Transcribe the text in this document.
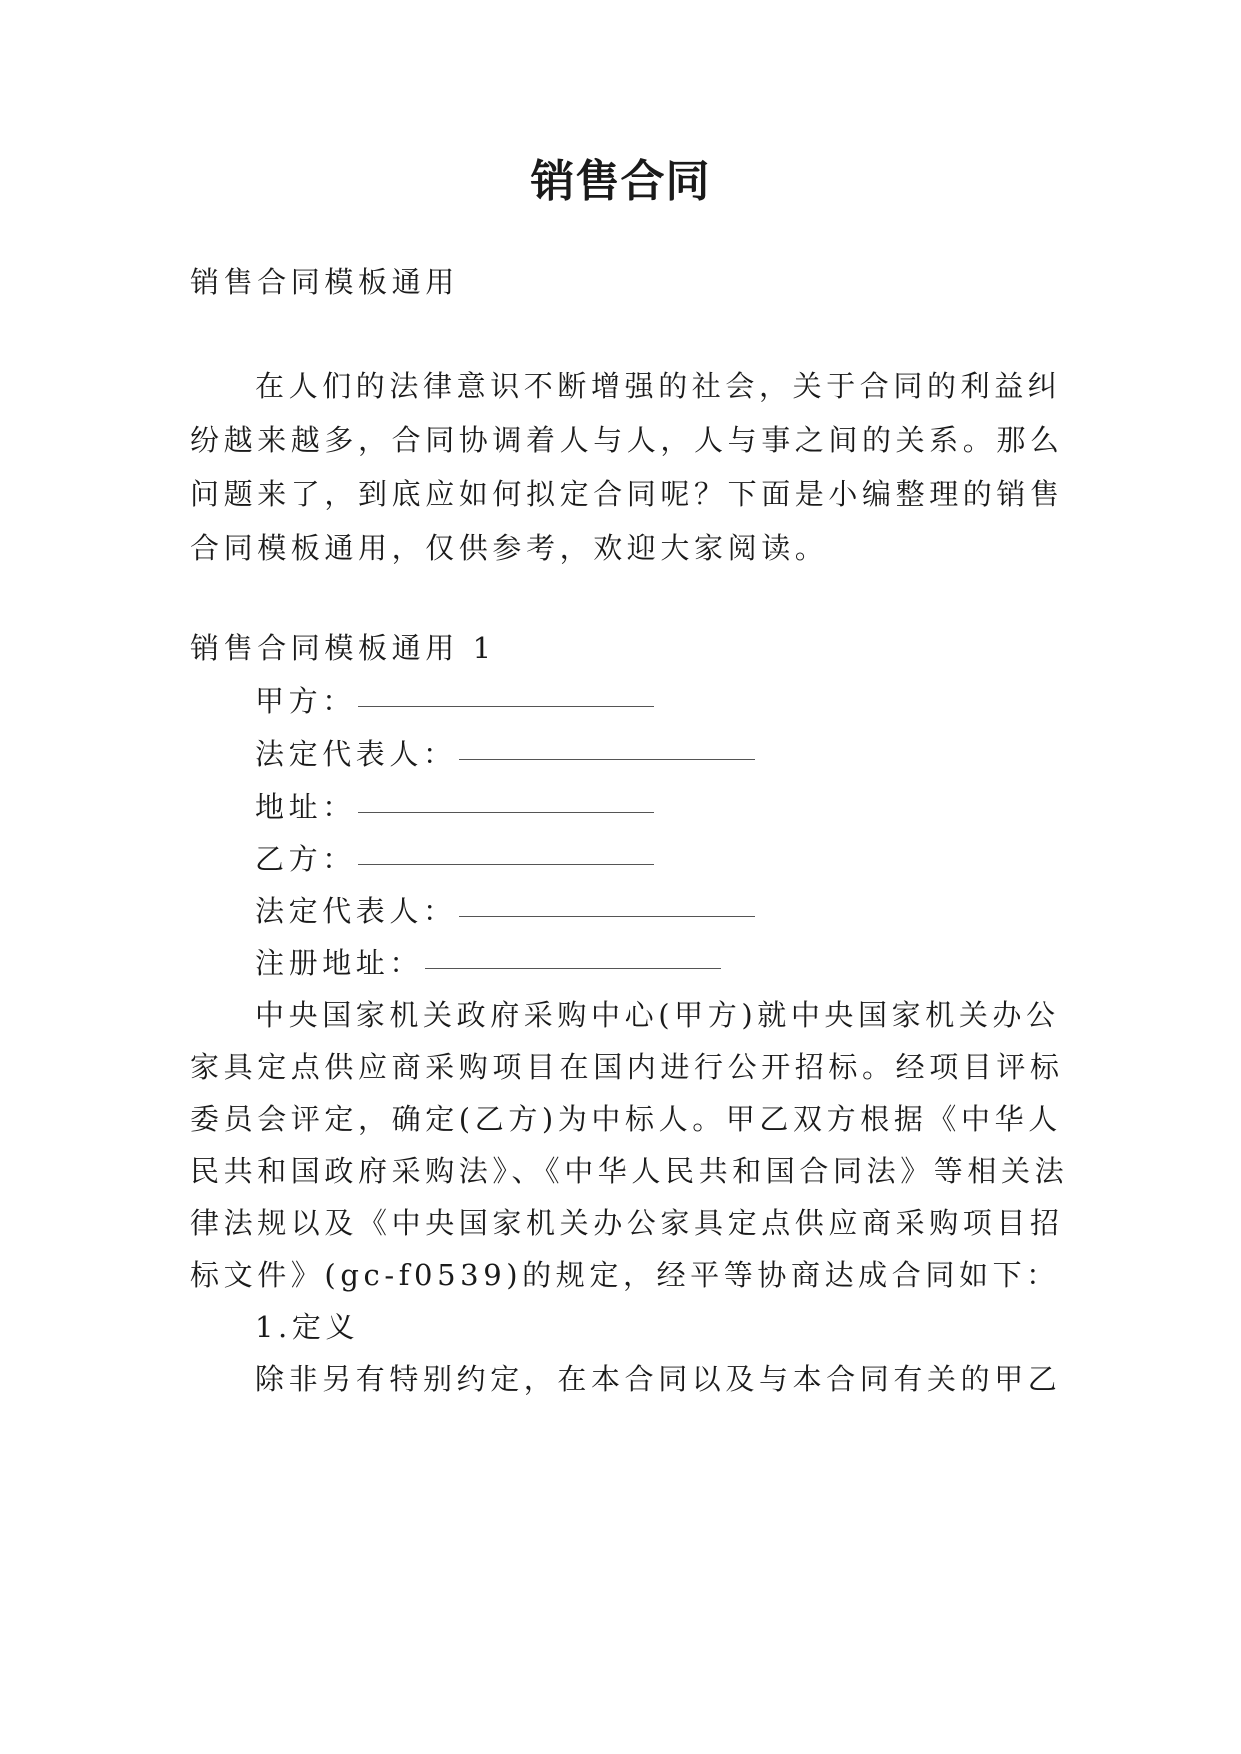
销售合同
销售合同模板通用
在人们的法律意识不断增强的社会，关于合同的利益纠
纷越来越多，合同协调着人与人，人与事之间的关系。那么
问题来了，到底应如何拟定合同呢？下面是小编整理的销售
合同模板通用，仅供参考，欢迎大家阅读。
销售合同模板通用 1
甲方：
法定代表人：
地址：
乙方：
法定代表人：
注册地址：
中央国家机关政府采购中心(甲方)就中央国家机关办公
家具定点供应商采购项目在国内进行公开招标。经项目评标
委员会评定，确定(乙方)为中标人。甲乙双方根据《中华人
民共和国政府采购法》、《中华人民共和国合同法》等相关法
律法规以及《中央国家机关办公家具定点供应商采购项目招
标文件》(gc-f0539)的规定，经平等协商达成合同如下：
1.定义
除非另有特别约定，在本合同以及与本合同有关的甲乙
